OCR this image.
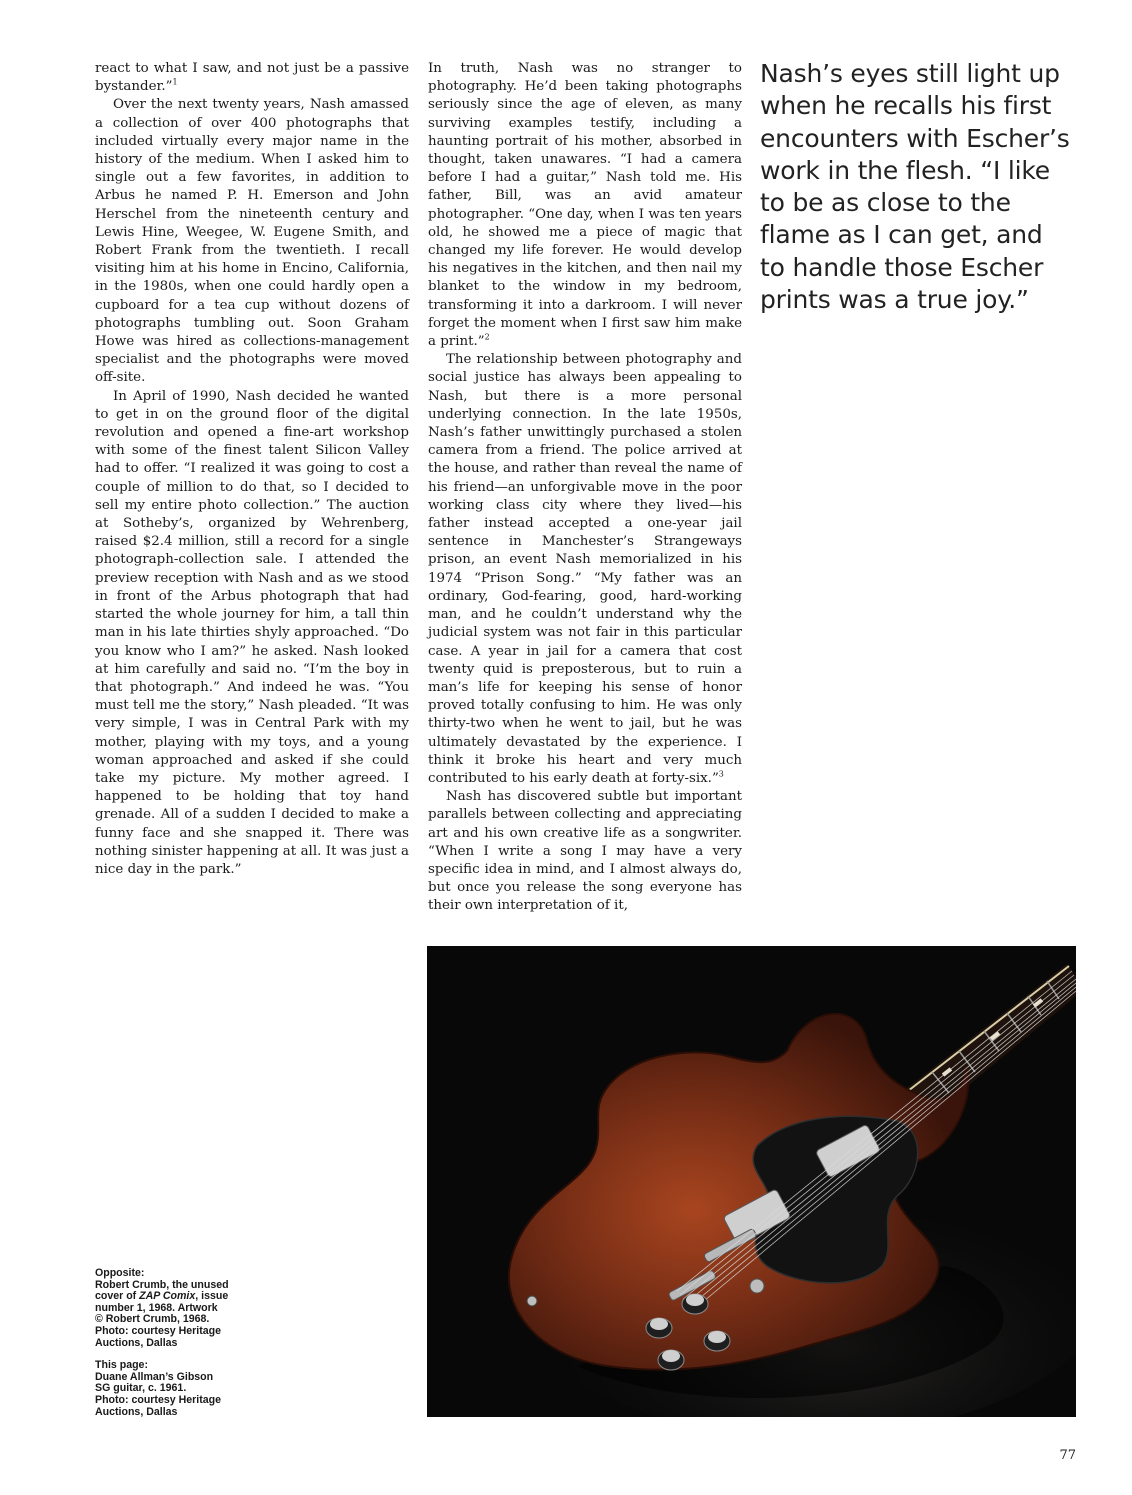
react to what I saw, and not just be a passive bystander.”$^1$

Over the next twenty years, Nash amassed a collection of over 400 photographs that included virtually every major name in the history of the medium. When I asked him to single out a few favorites, in addition to Arbus he named P. H. Emerson and John Herschel from the nineteenth century and Lewis Hine, Weegee, W. Eugene Smith, and Robert Frank from the twentieth. I recall visiting him at his home in Encino, California, in the 1980s, when one could hardly open a cupboard for a tea cup without dozens of photographs tumbling out. Soon Graham Howe was hired as collections-management specialist and the photographs were moved off-site.

In April of 1990, Nash decided he wanted to get in on the ground floor of the digital revolution and opened a fine-art workshop with some of the finest talent Silicon Valley had to offer. “I realized it was going to cost a couple of million to do that, so I decided to sell my entire photo collection.” The auction at Sotheby’s, organized by Wehrenberg, raised $2.4 million, still a record for a single photograph-collection sale. I attended the preview reception with Nash and as we stood in front of the Arbus photograph that had started the whole journey for him, a tall thin man in his late thirties shyly approached. “Do you know who I am?” he asked. Nash looked at him carefully and said no. “I’m the boy in that photograph.” And indeed he was. “You must tell me the story,” Nash pleaded. “It was very simple, I was in Central Park with my mother, playing with my toys, and a young woman approached and asked if she could take my picture. My mother agreed. I happened to be holding that toy hand grenade. All of a sudden I decided to make a funny face and she snapped it. There was nothing sinister happening at all. It was just a nice day in the park.”

In truth, Nash was no stranger to photography. He’d been taking photographs seriously since the age of eleven, as many surviving examples testify, including a haunting portrait of his mother, absorbed in thought, taken unawares. “I had a camera before I had a guitar,” Nash told me. His father, Bill, was an avid amateur photographer. “One day, when I was ten years old, he showed me a piece of magic that changed my life forever. He would develop his negatives in the kitchen, and then nail my blanket to the window in my bedroom, transforming it into a darkroom. I will never forget the moment when I first saw him make a print.”$^2$

The relationship between photography and social justice has always been appealing to Nash, but there is a more personal underlying connection. In the late 1950s, Nash’s father unwittingly purchased a stolen camera from a friend. The police arrived at the house, and rather than reveal the name of his friend—an unforgivable move in the poor working class city where they lived—his father instead accepted a one-year jail sentence in Manchester’s Strangeways prison, an event Nash memorialized in his 1974 “Prison Song.” “My father was an ordinary, God-fearing, good, hard-working man, and he couldn’t understand why the judicial system was not fair in this particular case. A year in jail for a camera that cost twenty quid is preposterous, but to ruin a man’s life for keeping his sense of honor proved totally confusing to him. He was only thirty-two when he went to jail, but he was ultimately devastated by the experience. I think it broke his heart and very much contributed to his early death at forty-six.”$^3$

Nash has discovered subtle but important parallels between collecting and appreciating art and his own creative life as a songwriter. “When I write a song I may have a very specific idea in mind, and I almost always do, but once you release the song everyone has their own interpretation of it,

Nash’s eyes still light up when he recalls his first encounters with Escher’s work in the flesh. “I like to be as close to the flame as I can get, and to handle those Escher prints was a true joy.”
Opposite:
Robert Crumb, the unused
cover of ZAP Comix, issue
number 1, 1968. Artwork
© Robert Crumb, 1968.
Photo: courtesy Heritage
Auctions, Dallas
This page:
Duane Allman’s Gibson
SG guitar, c. 1961.
Photo: courtesy Heritage
Auctions, Dallas
77
